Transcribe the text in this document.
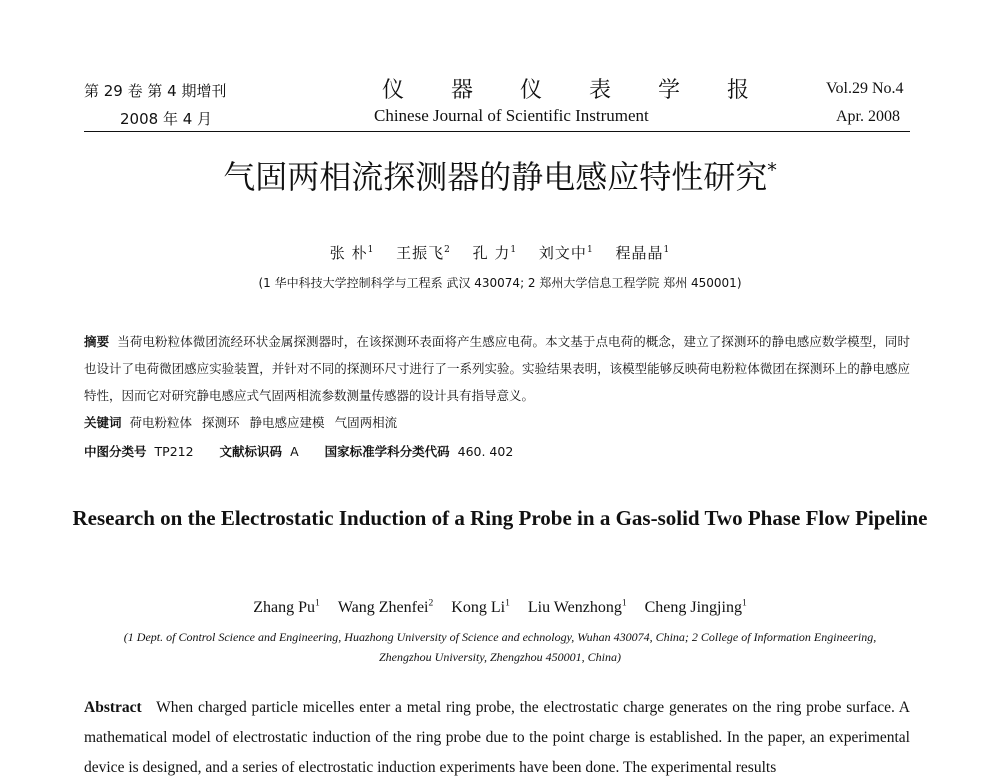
第 29 卷 第 4 期增刊
2008 年 4 月
仪 器 仪 表 学 报
Chinese Journal of Scientific Instrument
Vol.29 No.4
Apr. 2008
气固两相流探测器的静电感应特性研究*
张 朴$^1$ 王振飞$^2$ 孔 力$^1$ 刘文中$^1$ 程晶晶$^1$
(1 华中科技大学控制科学与工程系 武汉 430074; 2 郑州大学信息工程学院 郑州 450001)
摘要 当荷电粉粒体微团流经环状金属探测器时，在该探测环表面将产生感应电荷。本文基于点电荷的概念，建立了探测环的静电感应数学模型，同时也设计了电荷微团感应实验装置，并针对不同的探测环尺寸进行了一系列实验。实验结果表明，该模型能够反映荷电粉粒体微团在探测环上的静电感应特性，因而它对研究静电感应式气固两相流参数测量传感器的设计具有指导意义。
关键词 荷电粉粒体 探测环 静电感应建模 气固两相流
中图分类号 TP212 文献标识码 A 国家标准学科分类代码 460. 402
Research on the Electrostatic Induction of a Ring Probe in a Gas-solid Two Phase Flow Pipeline
Zhang Pu$^1$ Wang Zhenfei$^2$ Kong Li$^1$ Liu Wenzhong$^1$ Cheng Jingjing$^1$
(1 Dept. of Control Science and Engineering, Huazhong University of Science and echnology, Wuhan 430074, China; 2 College of Information Engineering, Zhengzhou University, Zhengzhou 450001, China)
Abstract When charged particle micelles enter a metal ring probe, the electrostatic charge generates on the ring probe surface. A mathematical model of electrostatic induction of the ring probe due to the point charge is established. In the paper, an experimental device is designed, and a series of electrostatic induction experiments have been done. The experimental results
